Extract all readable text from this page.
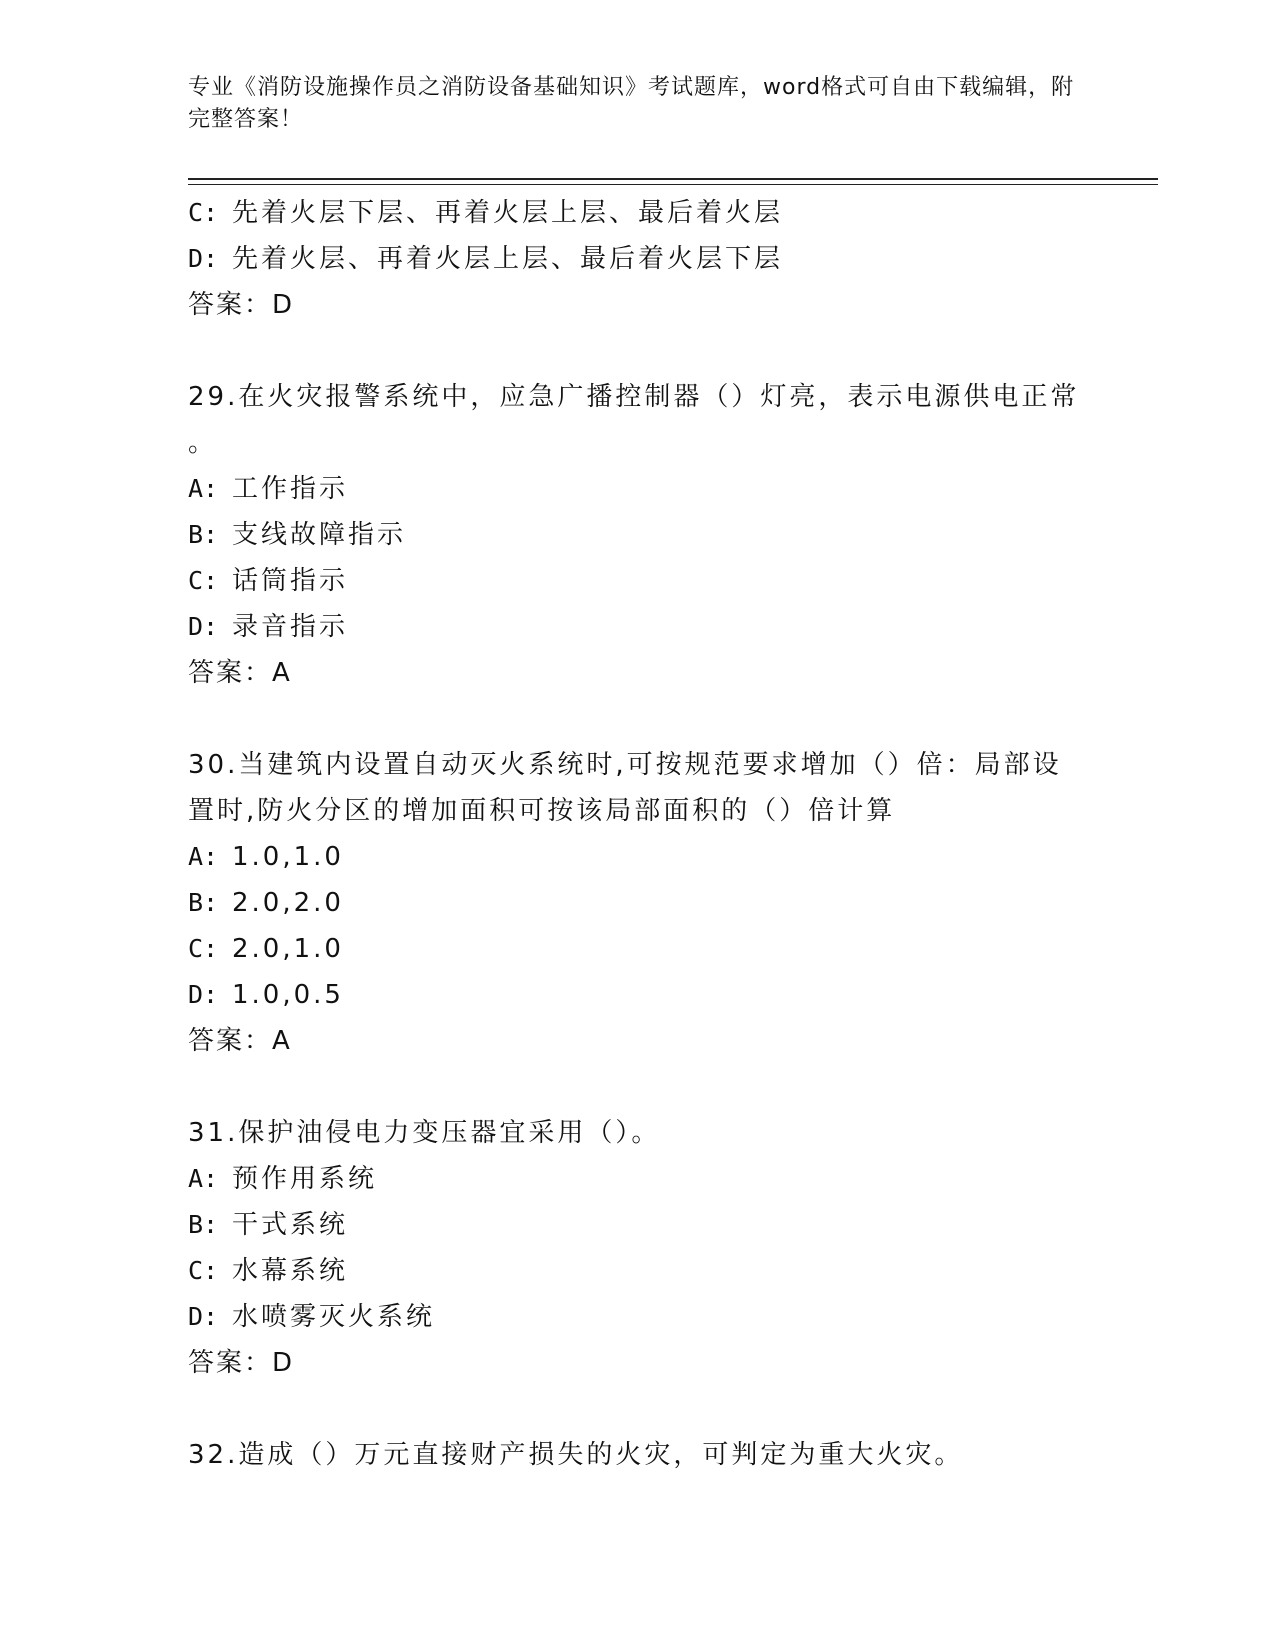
专业《消防设施操作员之消防设备基础知识》考试题库，word格式可自由下载编辑，附完整答案！
C: 先着火层下层、再着火层上层、最后着火层
D: 先着火层、再着火层上层、最后着火层下层
答案：D
29.在火灾报警系统中，应急广播控制器（）灯亮，表示电源供电正常
。
A: 工作指示
B: 支线故障指示
C: 话筒指示
D: 录音指示
答案：A
30.当建筑内设置自动灭火系统时,可按规范要求增加（）倍：局部设
置时,防火分区的增加面积可按该局部面积的（）倍计算
A: 1.0,1.0
B: 2.0,2.0
C: 2.0,1.0
D: 1.0,0.5
答案：A
31.保护油侵电力变压器宜采用（）。
A: 预作用系统
B: 干式系统
C: 水幕系统
D: 水喷雾灭火系统
答案：D
32.造成（）万元直接财产损失的火灾，可判定为重大火灾。
